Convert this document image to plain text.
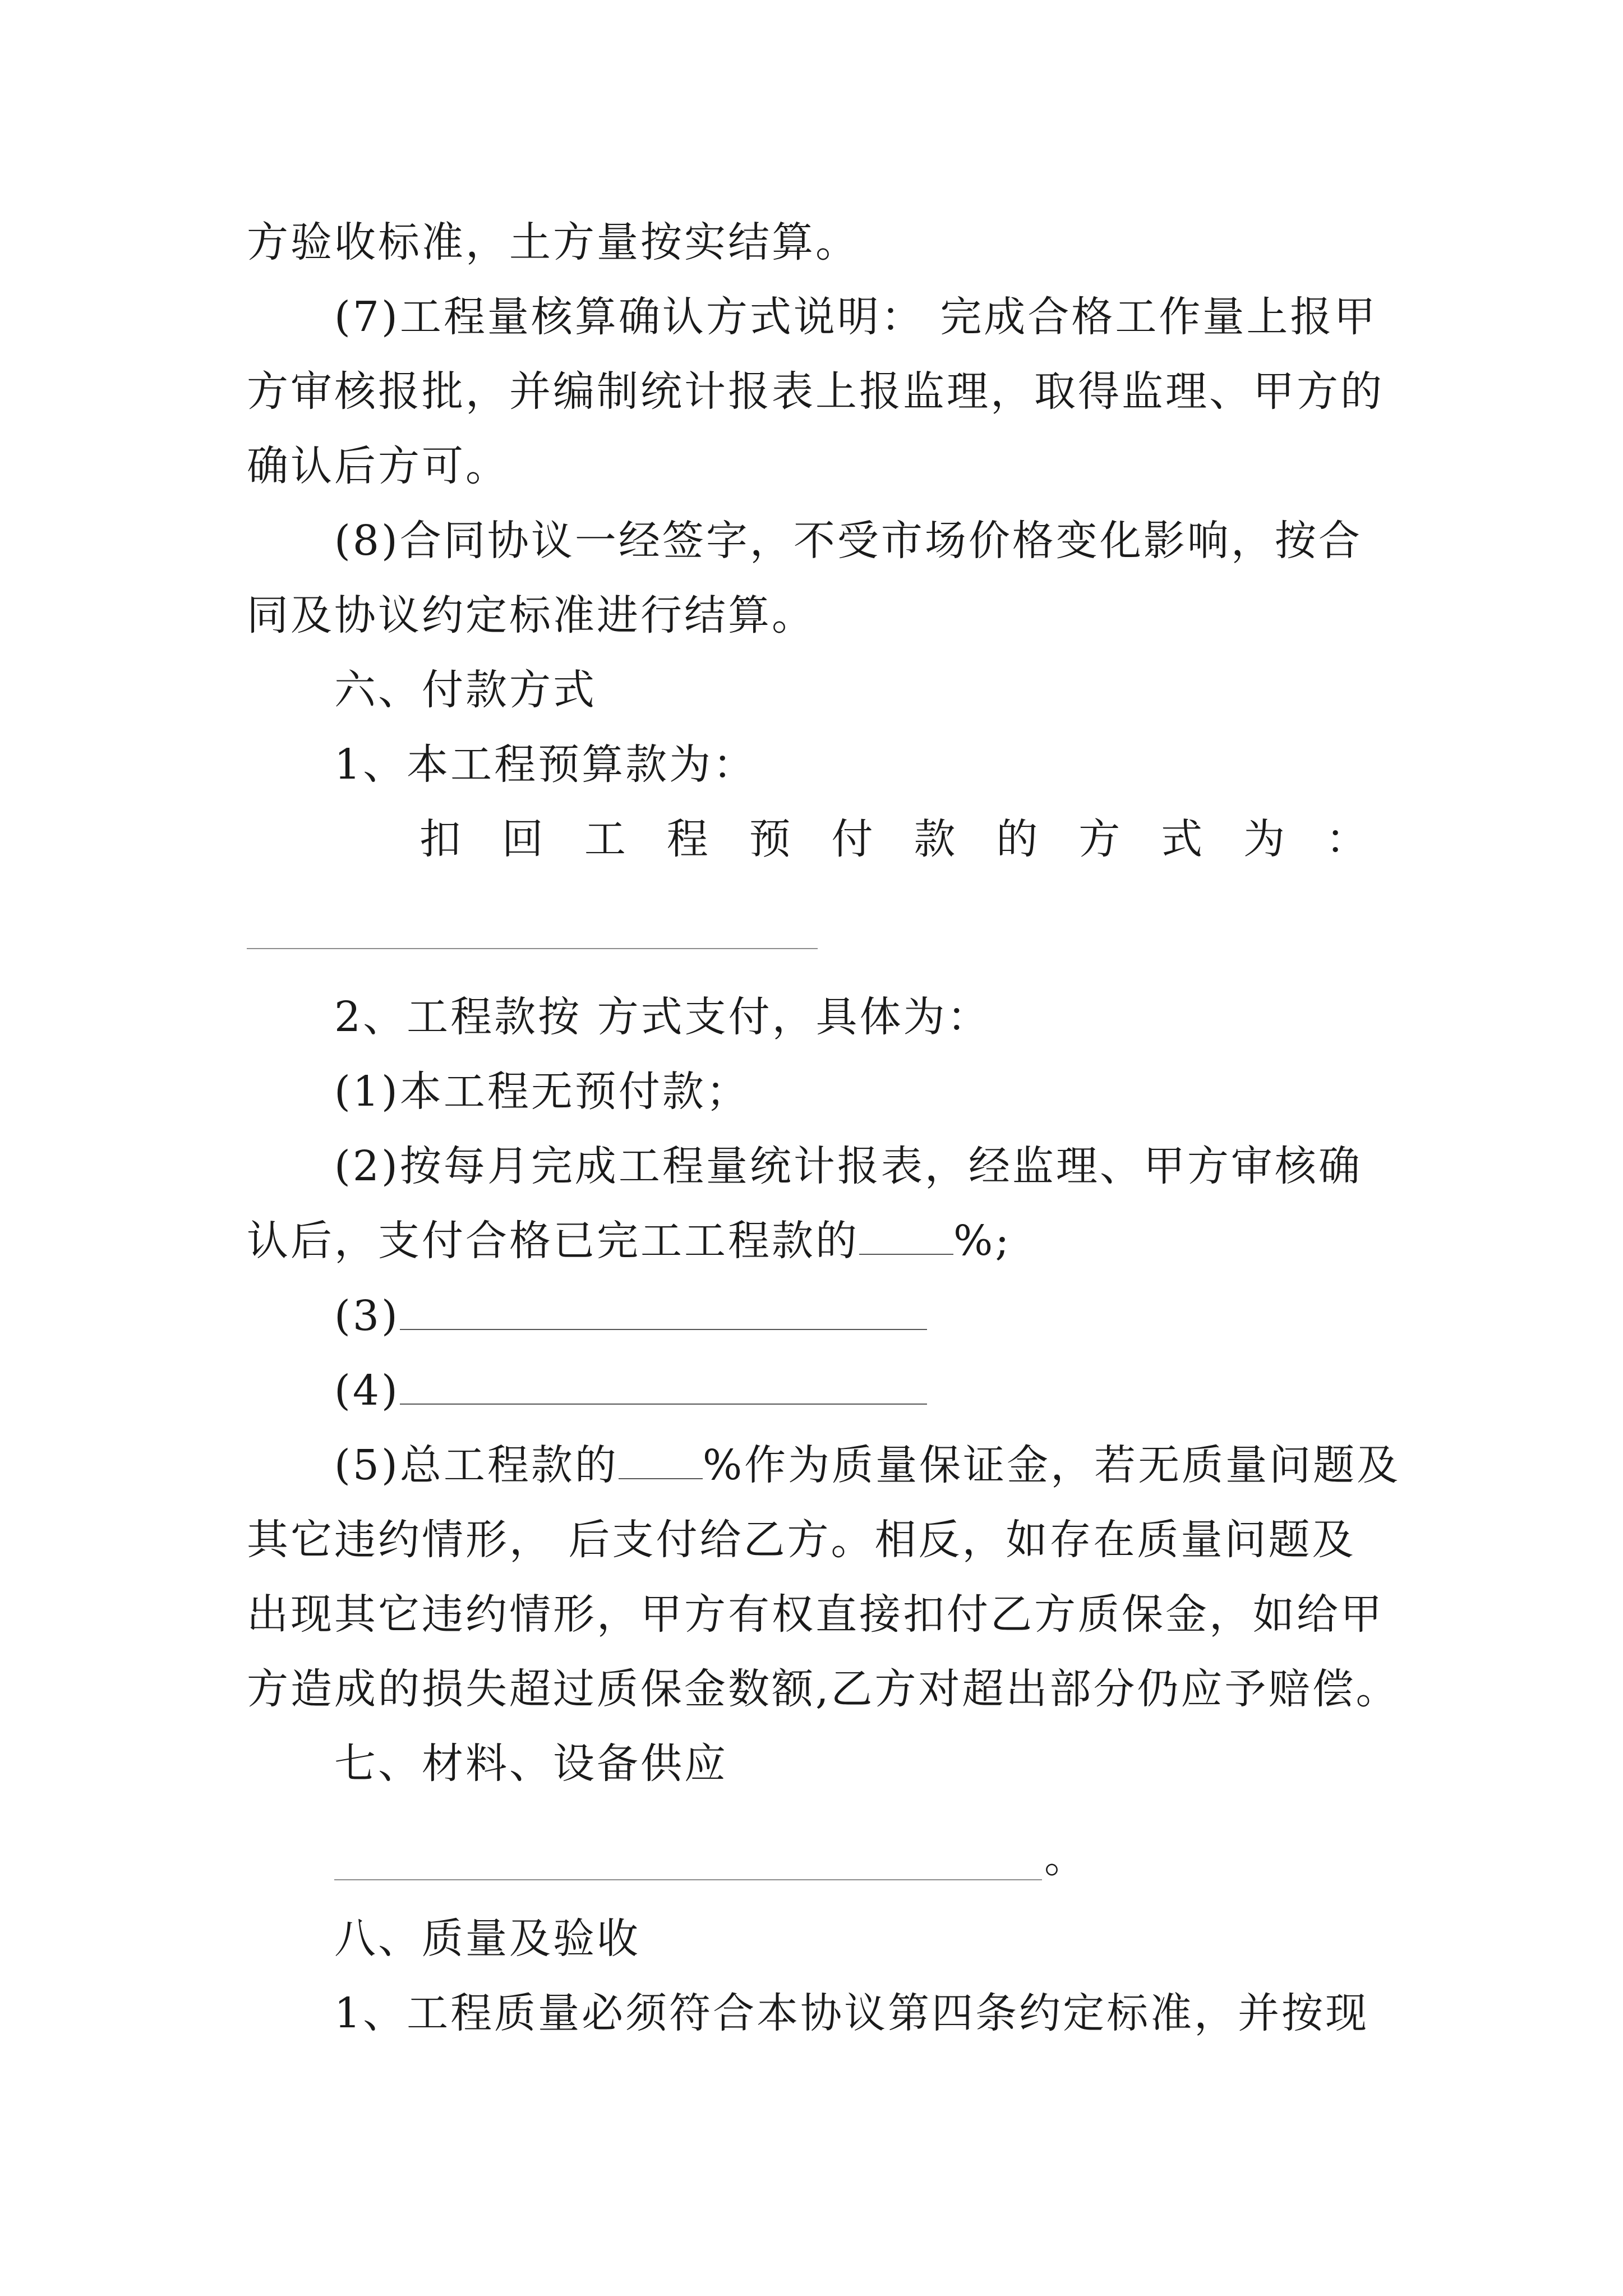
方验收标准，土方量按实结算。
(7)工程量核算确认方式说明： 完成合格工作量上报甲
方审核报批，并编制统计报表上报监理，取得监理、甲方的
确认后方可。
(8)合同协议一经签字，不受市场价格变化影响，按合
同及协议约定标准进行结算。
六、付款方式
1、本工程预算款为：
扣 回 工 程 预 付 款 的 方 式 为 ：
2、工程款按 方式支付，具体为：
(1)本工程无预付款；
(2)按每月完成工程量统计报表，经监理、甲方审核确
认后，支付合格已完工工程款的 %;
(3)
(4)
(5)总工程款的 %作为质量保证金，若无质量问题及
其它违约情形， 后支付给乙方。相反，如存在质量问题及
出现其它违约情形，甲方有权直接扣付乙方质保金，如给甲
方造成的损失超过质保金数额,乙方对超出部分仍应予赔偿。
七、材料、设备供应
。
八、质量及验收
1、工程质量必须符合本协议第四条约定标准，并按现
